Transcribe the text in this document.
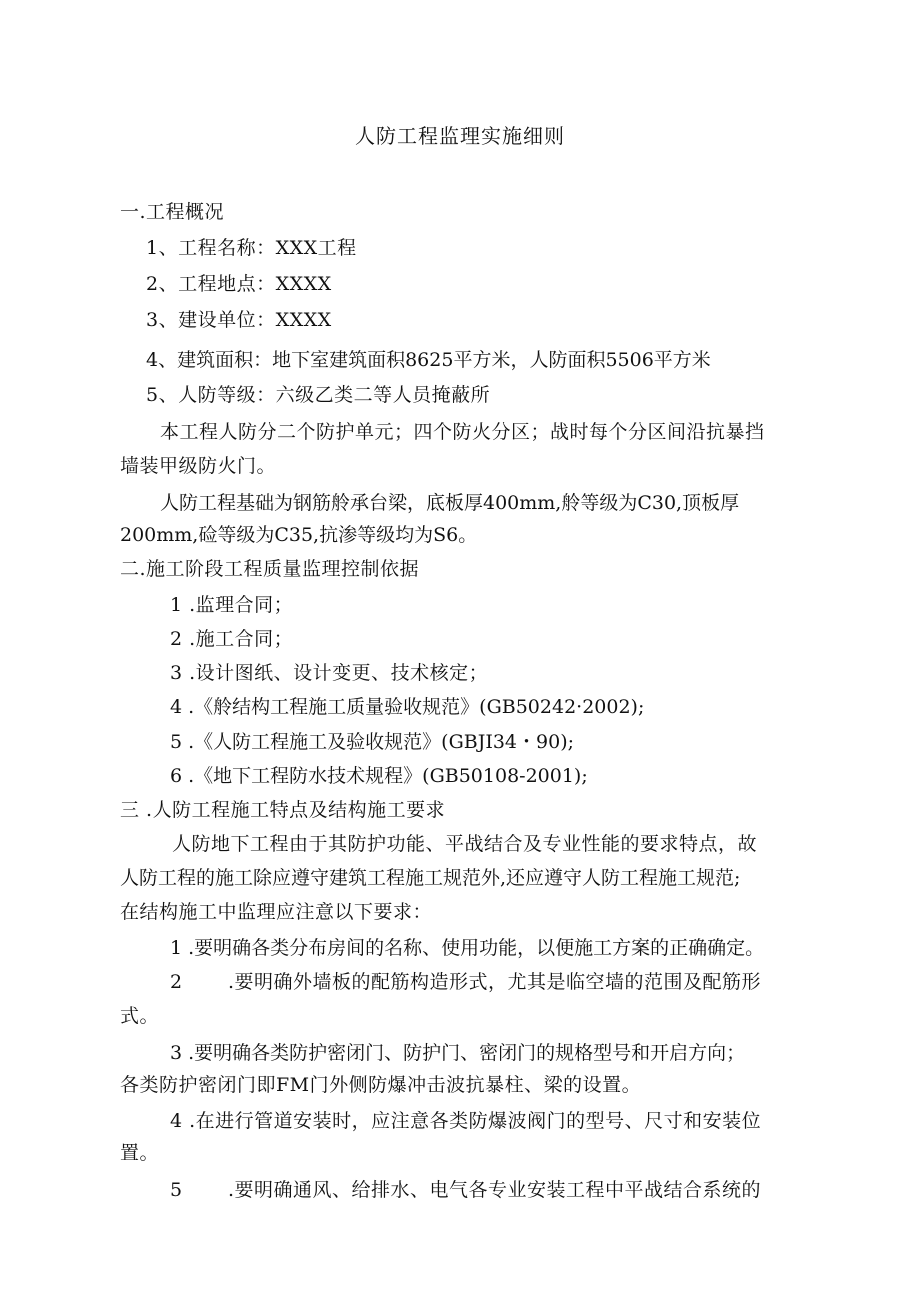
人防工程监理实施细则
一.工程概况
1、工程名称：XXX工程
2、工程地点：XXXX
3、建设单位：XXXX
4、建筑面积：地下室建筑面积8625平方米，人防面积5506平方米
5、人防等级：六级乙类二等人员掩蔽所
本工程人防分二个防护单元；四个防火分区；战时每个分区间沿抗暴挡
墙装甲级防火门。
人防工程基础为钢筋舲承台梁，底板厚400mm,舲等级为C30,顶板厚
200mm,硷等级为C35,抗渗等级均为S6。
二.施工阶段工程质量监理控制依据
1 .监理合同；
2 .施工合同；
3 .设计图纸、设计变更、技术核定；
4 .《舲结构工程施工质量验收规范》(GB50242·2002);
5 .《人防工程施工及验收规范》(GBJI34・90);
6 .《地下工程防水技术规程》(GB50108-2001);
三 .人防工程施工特点及结构施工要求
人防地下工程由于其防护功能、平战结合及专业性能的要求特点，故
人防工程的施工除应遵守建筑工程施工规范外,还应遵守人防工程施工规范;
在结构施工中监理应注意以下要求：
1 .要明确各类分布房间的名称、使用功能，以便施工方案的正确确定。
2 .要明确外墙板的配筋构造形式，尤其是临空墙的范围及配筋形
式。
3 .要明确各类防护密闭门、防护门、密闭门的规格型号和开启方向；
各类防护密闭门即FM门外侧防爆冲击波抗暴柱、梁的设置。
4 .在进行管道安装时，应注意各类防爆波阀门的型号、尺寸和安装位
置。
5 .要明确通风、给排水、电气各专业安装工程中平战结合系统的
